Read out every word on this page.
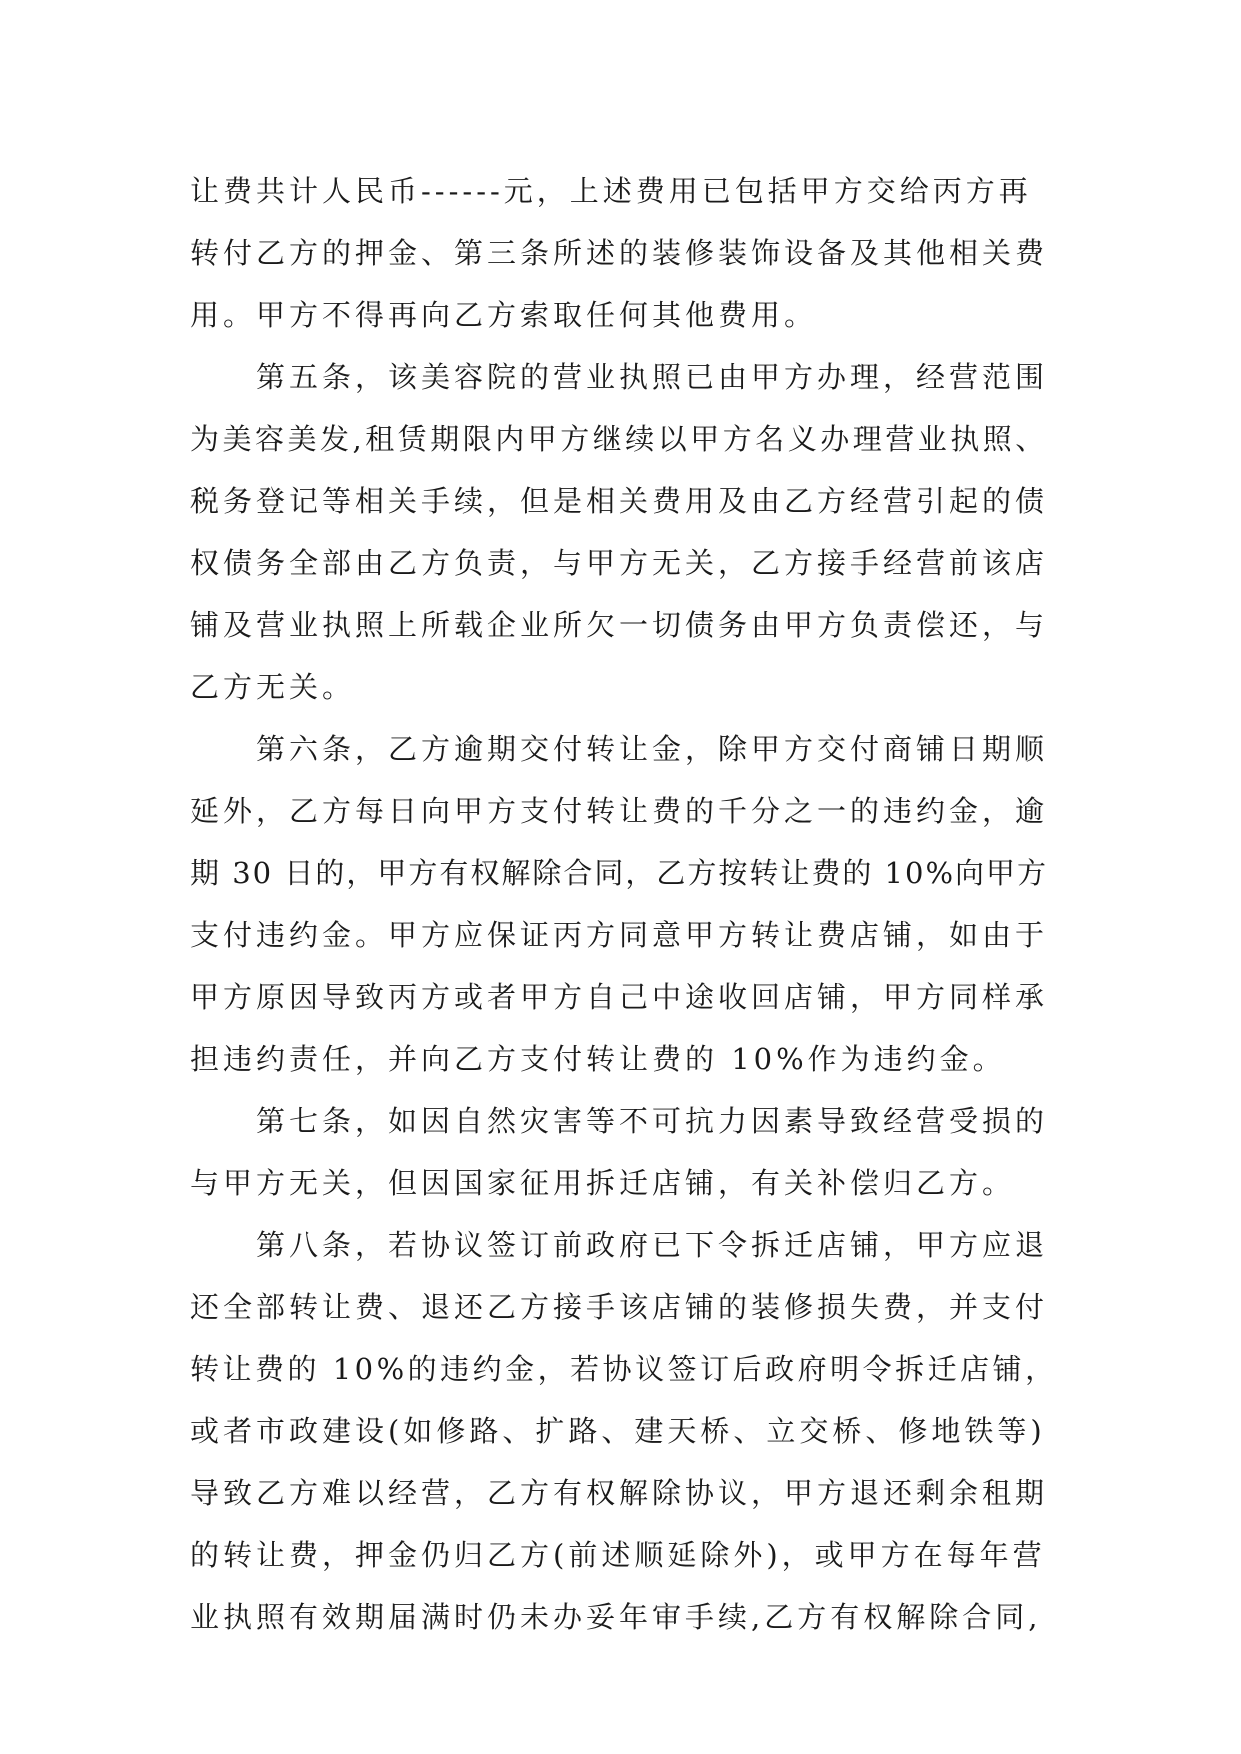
让费共计人民币------元，上述费用已包括甲方交给丙方再
转付乙方的押金、第三条所述的装修装饰设备及其他相关费
用。甲方不得再向乙方索取任何其他费用。
第五条，该美容院的营业执照已由甲方办理，经营范围
为美容美发,租赁期限内甲方继续以甲方名义办理营业执照、
税务登记等相关手续，但是相关费用及由乙方经营引起的债
权债务全部由乙方负责，与甲方无关，乙方接手经营前该店
铺及营业执照上所载企业所欠一切债务由甲方负责偿还，与
乙方无关。
第六条，乙方逾期交付转让金，除甲方交付商铺日期顺
延外，乙方每日向甲方支付转让费的千分之一的违约金，逾
期 30 日的，甲方有权解除合同，乙方按转让费的 10%向甲方
支付违约金。甲方应保证丙方同意甲方转让费店铺，如由于
甲方原因导致丙方或者甲方自己中途收回店铺，甲方同样承
担违约责任，并向乙方支付转让费的 10%作为违约金。
第七条，如因自然灾害等不可抗力因素导致经营受损的
与甲方无关，但因国家征用拆迁店铺，有关补偿归乙方。
第八条，若协议签订前政府已下令拆迁店铺，甲方应退
还全部转让费、退还乙方接手该店铺的装修损失费，并支付
转让费的 10%的违约金，若协议签订后政府明令拆迁店铺，
或者市政建设(如修路、扩路、建天桥、立交桥、修地铁等)
导致乙方难以经营，乙方有权解除协议，甲方退还剩余租期
的转让费，押金仍归乙方(前述顺延除外)，或甲方在每年营
业执照有效期届满时仍未办妥年审手续,乙方有权解除合同,
